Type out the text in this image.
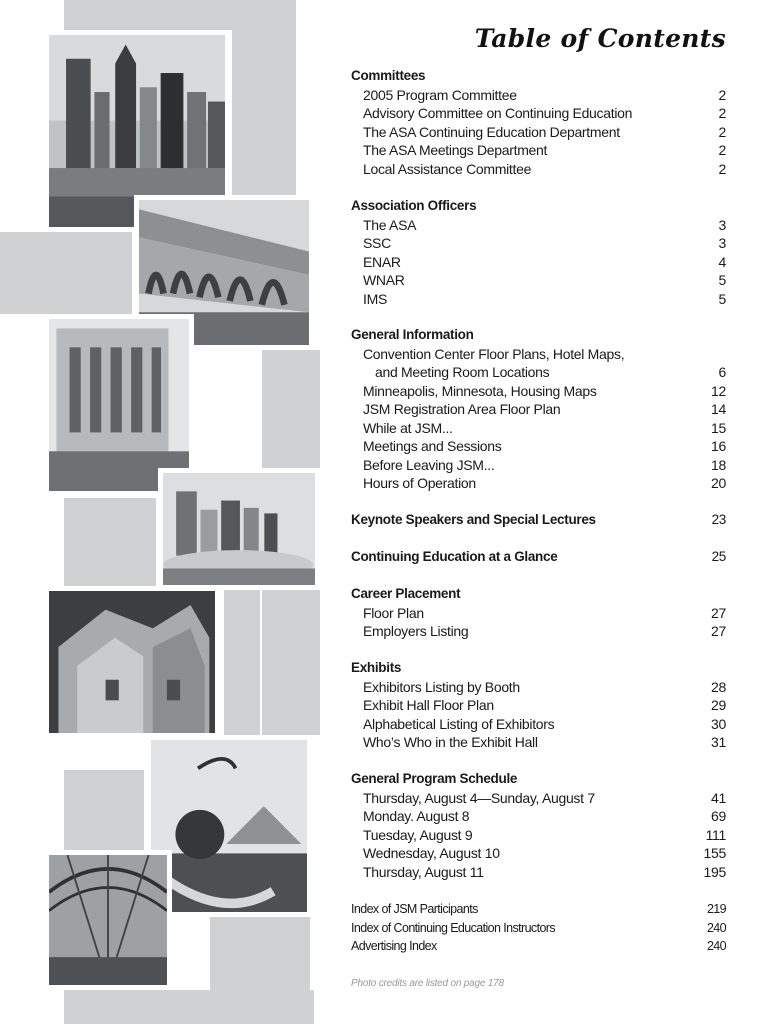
Table of Contents
Committees
2005 Program Committee	2
Advisory Committee on Continuing Education	2
The ASA Continuing Education Department	2
The ASA Meetings Department	2
Local Assistance Committee	2
Association Officers
The ASA	3
SSC	3
ENAR	4
WNAR	5
IMS	5
General Information
Convention Center Floor Plans, Hotel Maps,
and Meeting Room Locations	6
Minneapolis, Minnesota, Housing Maps	12
JSM Registration Area Floor Plan	14
While at JSM...	15
Meetings and Sessions	16
Before Leaving JSM...	18
Hours of Operation	20
Keynote Speakers and Special Lectures	23
Continuing Education at a Glance	25
Career Placement
Floor Plan	27
Employers Listing	27
Exhibits
Exhibitors Listing by Booth	28
Exhibit Hall Floor Plan	29
Alphabetical Listing of Exhibitors	30
Who’s Who in the Exhibit Hall	31
General Program Schedule
Thursday, August 4—Sunday, August 7	41
Monday. August 8	69
Tuesday, August 9	111
Wednesday, August 10	155
Thursday, August 11	195
Index of JSM Participants	219
Index of Continuing Education Instructors	240
Advertising Index	240
Photo credits are listed on page 178
